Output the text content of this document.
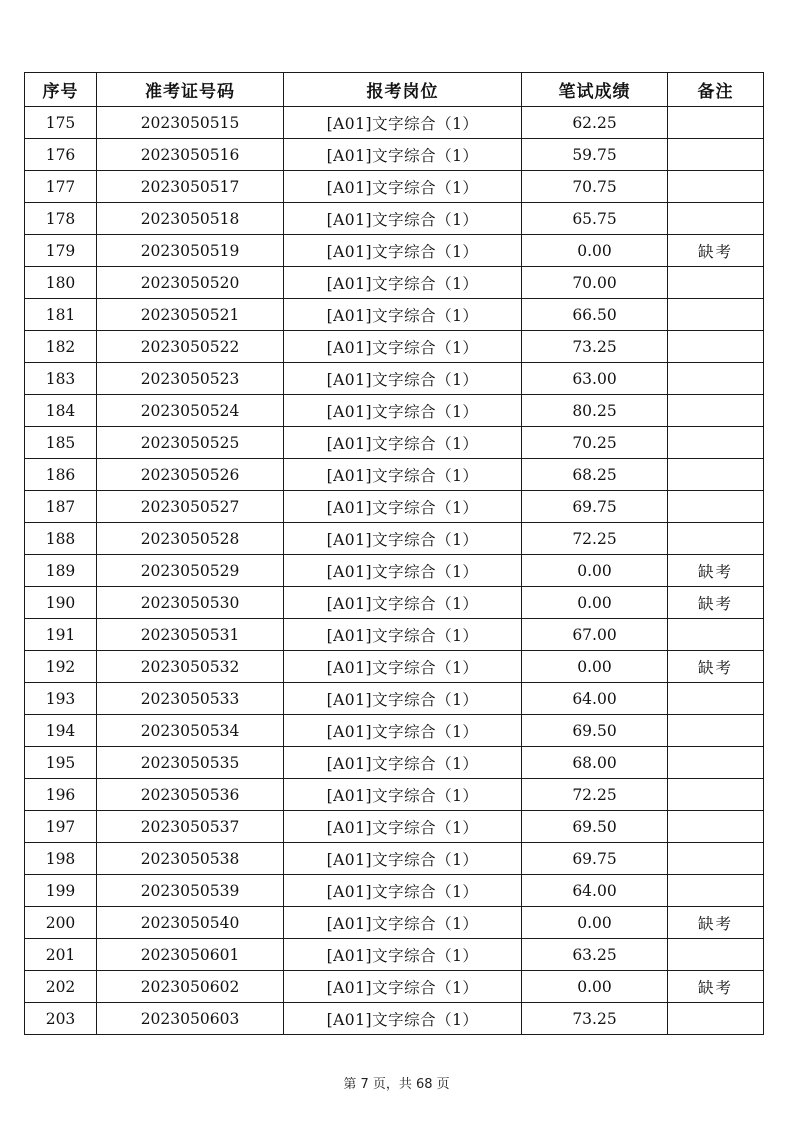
序号	准考证号码	报考岗位	笔试成绩	备注
175	2023050515	[A01]文字综合（1）	62.25	
176	2023050516	[A01]文字综合（1）	59.75	
177	2023050517	[A01]文字综合（1）	70.75	
178	2023050518	[A01]文字综合（1）	65.75	
179	2023050519	[A01]文字综合（1）	0.00	缺考
180	2023050520	[A01]文字综合（1）	70.00	
181	2023050521	[A01]文字综合（1）	66.50	
182	2023050522	[A01]文字综合（1）	73.25	
183	2023050523	[A01]文字综合（1）	63.00	
184	2023050524	[A01]文字综合（1）	80.25	
185	2023050525	[A01]文字综合（1）	70.25	
186	2023050526	[A01]文字综合（1）	68.25	
187	2023050527	[A01]文字综合（1）	69.75	
188	2023050528	[A01]文字综合（1）	72.25	
189	2023050529	[A01]文字综合（1）	0.00	缺考
190	2023050530	[A01]文字综合（1）	0.00	缺考
191	2023050531	[A01]文字综合（1）	67.00	
192	2023050532	[A01]文字综合（1）	0.00	缺考
193	2023050533	[A01]文字综合（1）	64.00	
194	2023050534	[A01]文字综合（1）	69.50	
195	2023050535	[A01]文字综合（1）	68.00	
196	2023050536	[A01]文字综合（1）	72.25	
197	2023050537	[A01]文字综合（1）	69.50	
198	2023050538	[A01]文字综合（1）	69.75	
199	2023050539	[A01]文字综合（1）	64.00	
200	2023050540	[A01]文字综合（1）	0.00	缺考
201	2023050601	[A01]文字综合（1）	63.25	
202	2023050602	[A01]文字综合（1）	0.00	缺考
203	2023050603	[A01]文字综合（1）	73.25	
第 7 页，共 68 页
